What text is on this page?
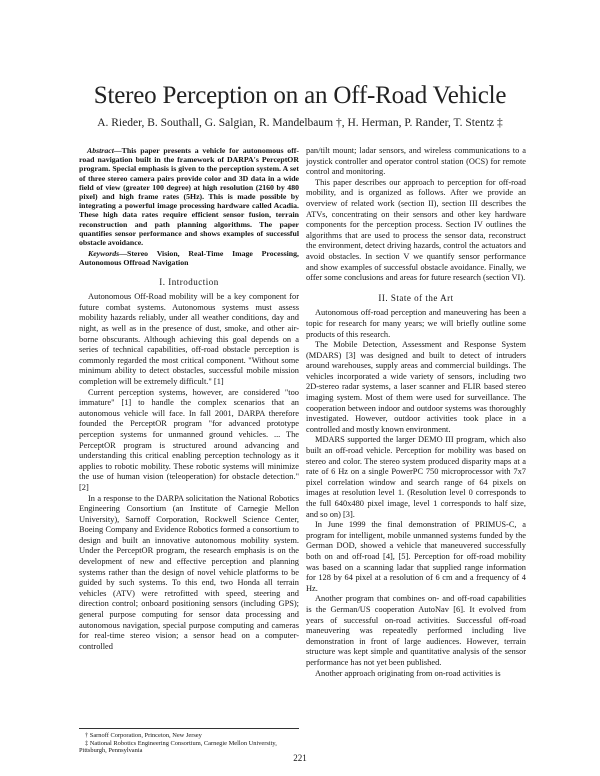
Stereo Perception on an Off-Road Vehicle
A. Rieder, B. Southall, G. Salgian, R. Mandelbaum †, H. Herman, P. Rander, T. Stentz ‡

Abstract—This paper presents a vehicle for autonomous off-road navigation built in the framework of DARPA's PerceptOR program. Special emphasis is given to the perception system. A set of three stereo camera pairs provide color and 3D data in a wide field of view (greater 100 degree) at high resolution (2160 by 480 pixel) and high frame rates (5Hz). This is made possible by integrating a powerful image processing hardware called Acadia. These high data rates require efficient sensor fusion, terrain reconstruction and path planning algorithms. The paper quantifies sensor performance and shows examples of successful obstacle avoidance.

Keywords—Stereo Vision, Real-Time Image Processing, Autonomous Offroad Navigation

I. Introduction

Autonomous Off-Road mobility will be a key component for future combat systems. Autonomous systems must assess mobility hazards reliably, under all weather conditions, day and night, as well as in the presence of dust, smoke, and other air-borne obscurants. Although achieving this goal depends on a series of technical capabilities, off-road obstacle perception is commonly regarded the most critical component. "Without some minimum ability to detect obstacles, successful mobile mission completion will be extremely difficult." [1]

Current perception systems, however, are considered "too immature" [1] to handle the complex scenarios that an autonomous vehicle will face. In fall 2001, DARPA therefore founded the PerceptOR program "for advanced prototype perception systems for unmanned ground vehicles. ... The PerceptOR program is structured around advancing and understanding this critical enabling perception technology as it applies to robotic mobility. These robotic systems will minimize the use of human vision (teleoperation) for obstacle detection." [2]

In a response to the DARPA solicitation the National Robotics Engineering Consortium (an Institute of Carnegie Mellon University), Sarnoff Corporation, Rockwell Science Center, Boeing Company and Evidence Robotics formed a consortium to design and built an innovative autonomous mobility system. Under the PerceptOR program, the research emphasis is on the development of new and effective perception and planning systems rather than the design of novel vehicle platforms to be guided by such systems. To this end, two Honda all terrain vehicles (ATV) were retrofitted with speed, steering and direction control; onboard positioning sensors (including GPS); general purpose computing for sensor data processing and autonomous navigation, special purpose computing and cameras for real-time stereo vision; a sensor head on a computer-controlled

† Sarnoff Corporation, Princeton, New Jersey

‡ National Robotics Engineering Consortium, Carnegie Mellon University, Pittsburgh, Pennsylvania

pan/tilt mount; ladar sensors, and wireless communications to a joystick controller and operator control station (OCS) for remote control and monitoring.

This paper describes our approach to perception for off-road mobility, and is organized as follows. After we provide an overview of related work (section II), section III describes the ATVs, concentrating on their sensors and other key hardware components for the perception process. Section IV outlines the algorithms that are used to process the sensor data, reconstruct the environment, detect driving hazards, control the actuators and avoid obstacles. In section V we quantify sensor performance and show examples of successful obstacle avoidance. Finally, we offer some conclusions and areas for future research (section VI).

II. State of the Art

Autonomous off-road perception and maneuvering has been a topic for research for many years; we will briefly outline some products of this research.

The Mobile Detection, Assessment and Response System (MDARS) [3] was designed and built to detect of intruders around warehouses, supply areas and commercial buildings. The vehicles incorporated a wide variety of sensors, including two 2D-stereo radar systems, a laser scanner and FLIR based stereo imaging system. Most of them were used for surveillance. The cooperation between indoor and outdoor systems was thoroughly investigated. However, outdoor activities took place in a controlled and mostly known environment.

MDARS supported the larger DEMO III program, which also built an off-road vehicle. Perception for mobility was based on stereo and color. The stereo system produced disparity maps at a rate of 6 Hz on a single PowerPC 750 microprocessor with 7x7 pixel correlation window and search range of 64 pixels on images at resolution level 1. (Resolution level 0 corresponds to the full 640x480 pixel image, level 1 corresponds to half size, and so on) [3].

In June 1999 the final demonstration of PRIMUS-C, a program for intelligent, mobile unmanned systems funded by the German DOD, showed a vehicle that maneuvered successfully both on and off-road [4], [5]. Perception for off-road mobility was based on a scanning ladar that supplied range information for 128 by 64 pixel at a resolution of 6 cm and a frequency of 4 Hz.

Another program that combines on- and off-road capabilities is the German/US cooperation AutoNav [6]. It evolved from years of successful on-road activities. Successful off-road maneuvering was repeatedly performed including live demonstration in front of large audiences. However, terrain structure was kept simple and quantitative analysis of the sensor performance has not yet been published.

Another approach originating from on-road activities is

221
